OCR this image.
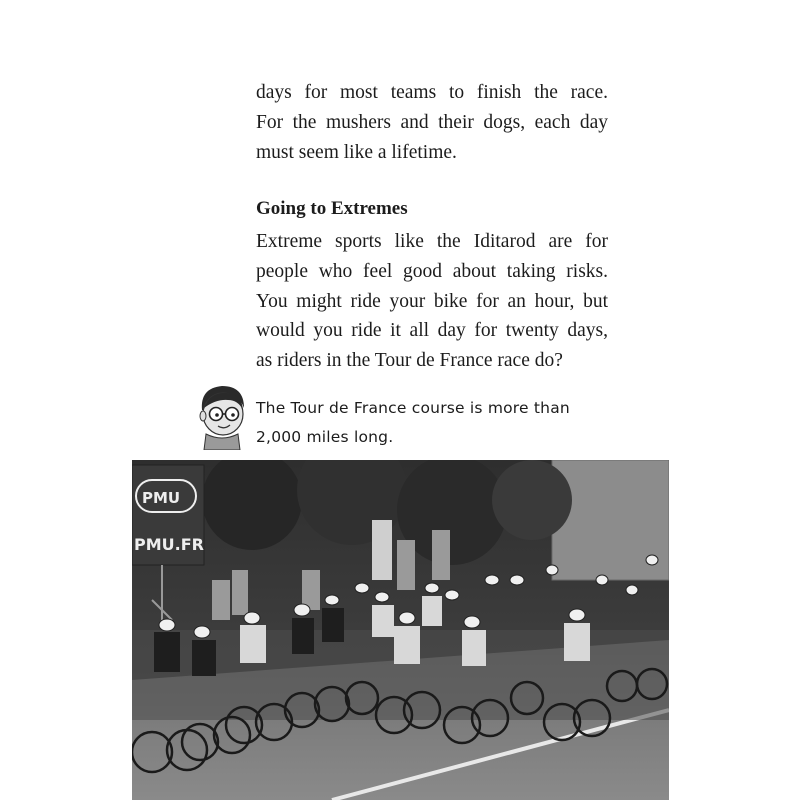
days for most teams to finish the race.
For the mushers and their dogs, each day
must seem like a lifetime.
Going to Extremes
Extreme sports like the Iditarod are for
people who feel good about taking risks.
You might ride your bike for an hour, but
would you ride it all day for twenty days,
as riders in the Tour de France race do?
The Tour de France course is more than
2,000 miles long.
PMU
PMU.FR
